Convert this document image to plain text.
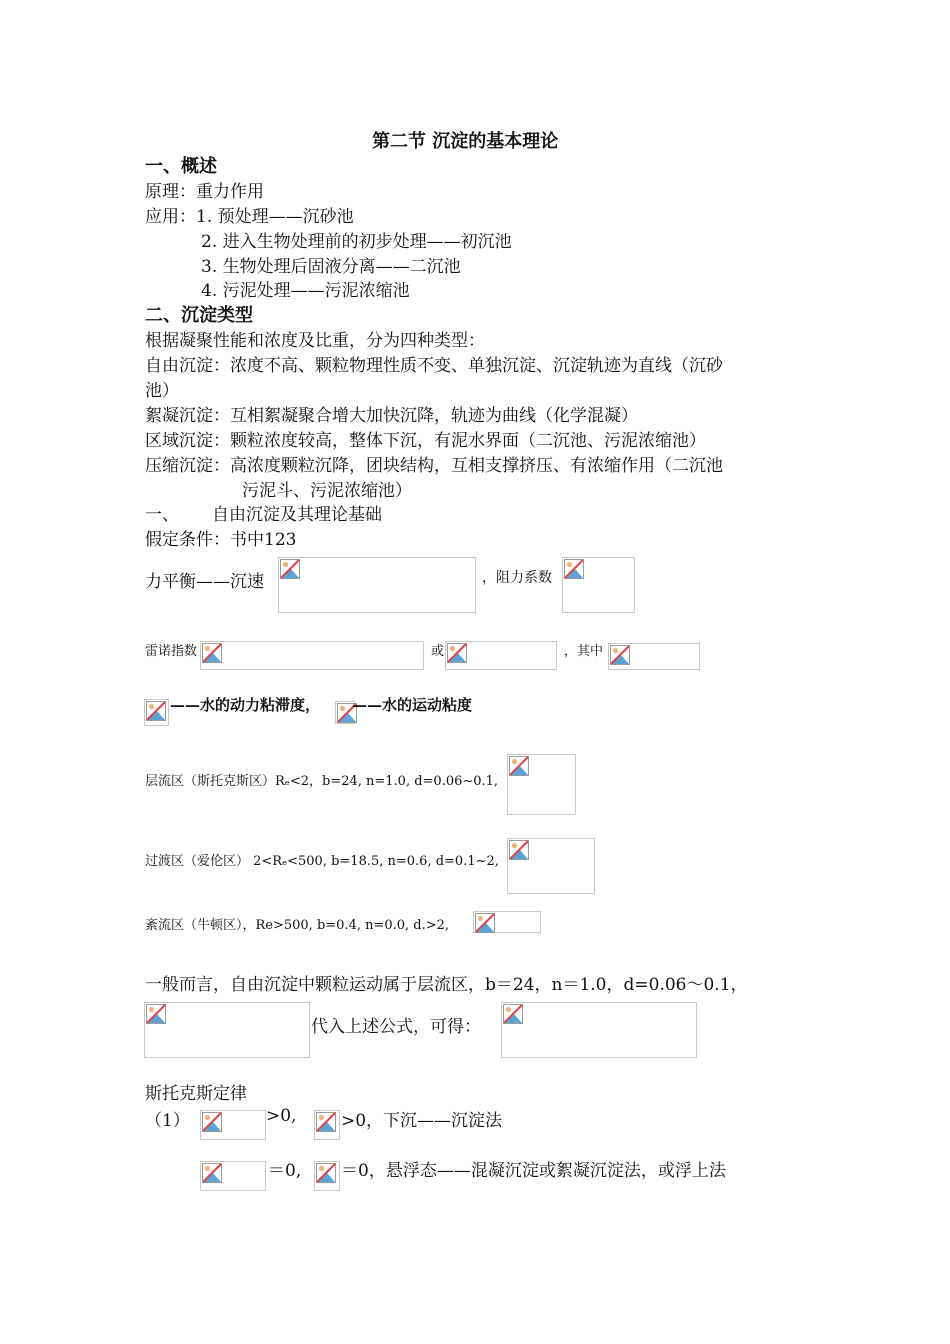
第二节 沉淀的基本理论
一、概述
原理：重力作用
应用：1. 预处理——沉砂池
2. 进入生物处理前的初步处理——初沉池
3. 生物处理后固液分离——二沉池
4. 污泥处理——污泥浓缩池
二、沉淀类型
根据凝聚性能和浓度及比重，分为四种类型：
自由沉淀：浓度不高、颗粒物理性质不变、单独沉淀、沉淀轨迹为直线（沉砂
池）
絮凝沉淀：互相絮凝聚合增大加快沉降，轨迹为曲线（化学混凝）
区域沉淀：颗粒浓度较高，整体下沉，有泥水界面（二沉池、污泥浓缩池）
压缩沉淀：高浓度颗粒沉降，团块结构，互相支撑挤压、有浓缩作用（二沉池
污泥斗、污泥浓缩池）
一、 自由沉淀及其理论基础
假定条件：书中123
力平衡——沉速	，阻力系数
雷诺指数	或	，其中
——水的动力粘滞度， ——水的运动粘度
层流区（斯托克斯区）Rₑ<2，b=24, n=1.0, d=0.06~0.1,
过渡区（爱伦区） 2<Rₑ<500, b=18.5, n=0.6, d=0.1~2,
紊流区（牛顿区），Re>500, b=0.4, n=0.0, d.>2,
一般而言，自由沉淀中颗粒运动属于层流区，b＝24，n＝1.0，d=0.06～0.1，
代入上述公式，可得：
斯托克斯定律
（1）	>0,	>0，下沉——沉淀法
＝0, ＝0，悬浮态——混凝沉淀或絮凝沉淀法，或浮上法
